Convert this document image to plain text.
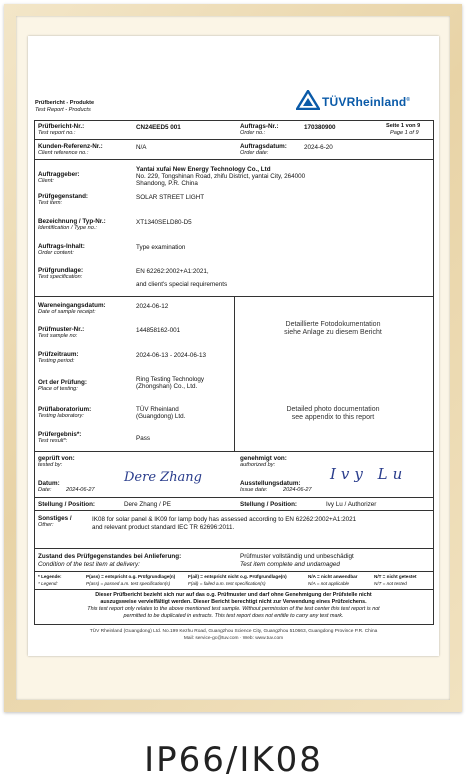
Prüfbericht - Produkte
Test Report - Products
TÜVRheinland®
Prüfbericht-Nr.:
Test report no.:
CN24EED5 001	Auftrags-Nr.:
Order no.:
170380900	Seite 1 von 9
Page 1 of 9
Kunden-Referenz-Nr.:
Client reference no.:
N/A	Auftragsdatum:
Order date:
2024-6-20
Auftraggeber:
Client:
Yantai xufai New Energy Technology Co., Ltd
No. 229, Tongshinan Road, zhifu District, yantai City, 264000
Shandong, P.R. China
Prüfgegenstand:
Test item:
SOLAR STREET LIGHT
Bezeichnung / Typ-Nr.:
Identification / Type no.:
XT1340SELD80-D5
Auftrags-Inhalt:
Order content:
Type examination
Prüfgrundlage:
Test specification:
EN 62262:2002+A1:2021,
and client's special requirements
Wareneingangsdatum:
Date of sample receipt:
2024-06-12
Prüfmuster-Nr.:
Test sample no:
144858162-001
Prüfzeitraum:
Testing period:
2024-06-13 - 2024-06-13
Ort der Prüfung:
Place of testing:
Ring Testing Technology
(Zhongshan) Co., Ltd.
Prüflaboratorium:
Testing laboratory:
TÜV Rheinland
(Guangdong) Ltd.
Prüfergebnis*:
Test result*:	Pass
Detaillierte Fotodokumentation
siehe Anlage zu diesem Bericht
Detailed photo documentation
see appendix to this report
geprüft von:
tested by:
genehmigt von:
authorized by:
Dere Zhang	Ivy Lu
Datum:
Date:	2024-06-27
Ausstellungsdatum:
Issue date:	2024-06-27
Stellung / Position:	Dere Zhang / PE	Stellung / Position:	Ivy Lu / Authorizer
Sonstiges /
Other:
IK08 for solar panel & IK09 for lamp body has assessed according to EN 62262:2002+A1:2021
and relevant product standard IEC TR 62696:2011.
Zustand des Prüfgegenstandes bei Anlieferung:
Condition of the test item at delivery:
Prüfmuster vollständig und unbeschädigt
Test item complete and undamaged
* Legende:	P(ass) = entspricht o.g. Prüfgrundlage(n)	F(ail) = entspricht nicht o.g. Prüfgrundlage(n)	N/A = nicht anwendbar	N/T = nicht getestet
* Legend:	P(ass) = passed a.m. test specification(s)	F(ail) = failed a.m. test specification(s)	N/A = not applicable	N/T = not tested
Dieser Prüfbericht bezieht sich nur auf das o.g. Prüfmuster und darf ohne Genehmigung der Prüfstelle nicht
auszugsweise vervielfältigt werden. Dieser Bericht berechtigt nicht zur Verwendung eines Prüfzeichens.
This test report only relates to the above mentioned test sample. Without permission of the test center this test report is not
permitted to be duplicated in extracts. This test report does not entitle to carry any test mark.
TÜV Rheinland (Guangdong) Ltd. No.199 Kezhu Road, Guangzhou Science City, Guangzhou 510663, Guangdong Province P.R. China
Mail: service-gc@tuv.com · Web: www.tuv.com
IP66/IK08
